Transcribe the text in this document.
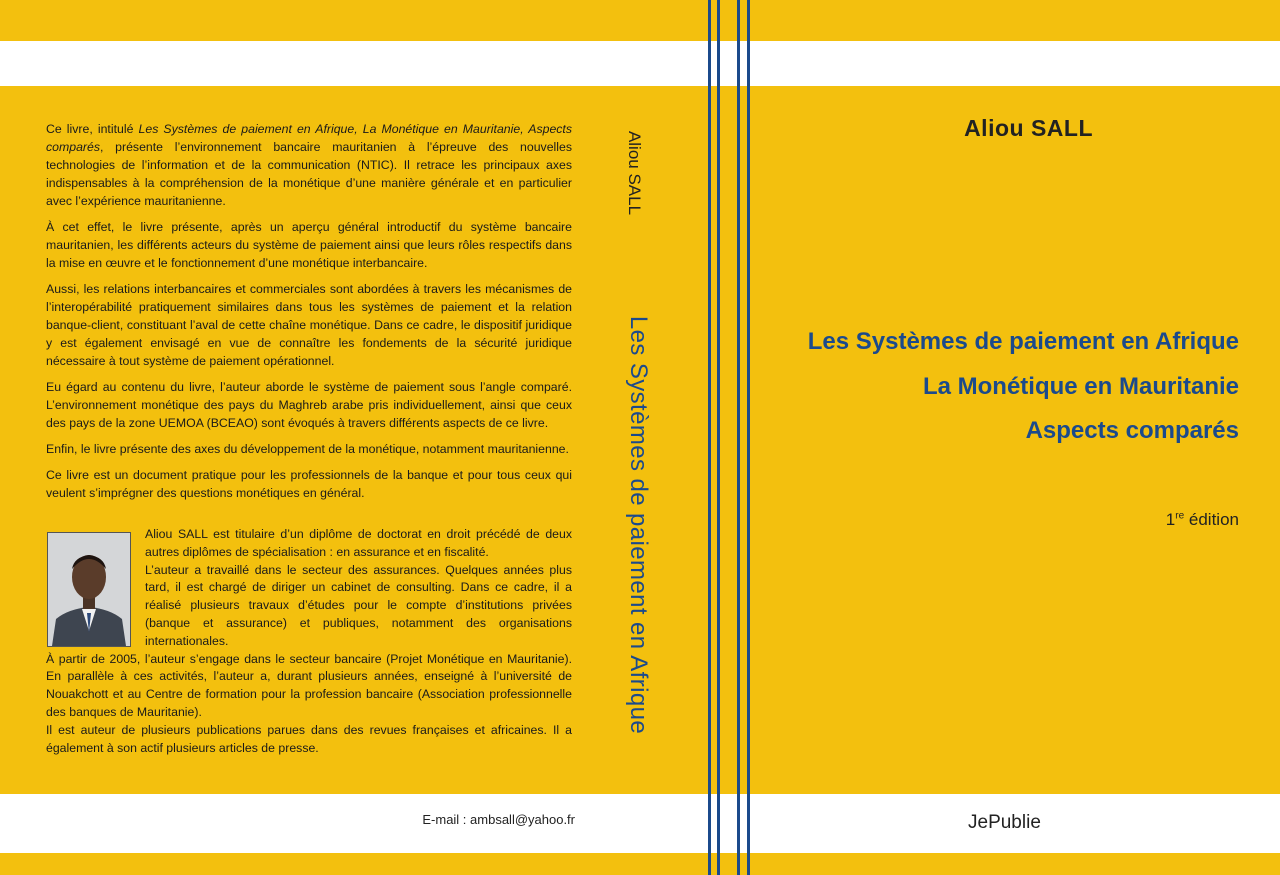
Ce livre, intitulé Les Systèmes de paiement en Afrique, La Monétique en Mauritanie, Aspects comparés, présente l’environnement bancaire mauritanien à l’épreuve des nouvelles technologies de l’information et de la communication (NTIC). Il retrace les principaux axes indispensables à la compréhension de la monétique d’une manière générale et en particulier avec l’expérience mauritanienne.

À cet effet, le livre présente, après un aperçu général introductif du système bancaire mauritanien, les différents acteurs du système de paiement ainsi que leurs rôles respectifs dans la mise en œuvre et le fonctionnement d’une monétique interbancaire.

Aussi, les relations interbancaires et commerciales sont abordées à travers les mécanismes de l’interopérabilité pratiquement similaires dans tous les systèmes de paiement et la relation banque-client, constituant l’aval de cette chaîne monétique. Dans ce cadre, le dispositif juridique y est également envisagé en vue de connaître les fondements de la sécurité juridique nécessaire à tout système de paiement opérationnel.

Eu égard au contenu du livre, l’auteur aborde le système de paiement sous l’angle comparé. L’environnement monétique des pays du Maghreb arabe pris individuellement, ainsi que ceux des pays de la zone UEMOA (BCEAO) sont évoqués à travers différents aspects de ce livre.

Enfin, le livre présente des axes du développement de la monétique, notamment mauritanienne.

Ce livre est un document pratique pour les professionnels de la banque et pour tous ceux qui veulent s’imprégner des questions monétiques en général.

Aliou SALL est titulaire d’un diplôme de doctorat en droit précédé de deux autres diplômes de spécialisation : en assurance et en fiscalité.

L’auteur a travaillé dans le secteur des assurances. Quelques années plus tard, il est chargé de diriger un cabinet de consulting. Dans ce cadre, il a réalisé plusieurs travaux d’études pour le compte d’institutions privées (banque et assurance) et publiques, notamment des organisations internationales.

À partir de 2005, l’auteur s’engage dans le secteur bancaire (Projet Monétique en Mauritanie). En parallèle à ces activités, l’auteur a, durant plusieurs années, enseigné à l’université de Nouakchott et au Centre de formation pour la profession bancaire (Association professionnelle des banques de Mauritanie).

Il est auteur de plusieurs publications parues dans des revues françaises et africaines. Il a également à son actif plusieurs articles de presse.

E-mail : ambsall@yahoo.fr
Aliou SALL
Les Systèmes de paiement en Afrique
Aliou SALL
Les Systèmes de paiement en Afrique
La Monétique en Mauritanie
Aspects comparés
1re édition
JePublie
